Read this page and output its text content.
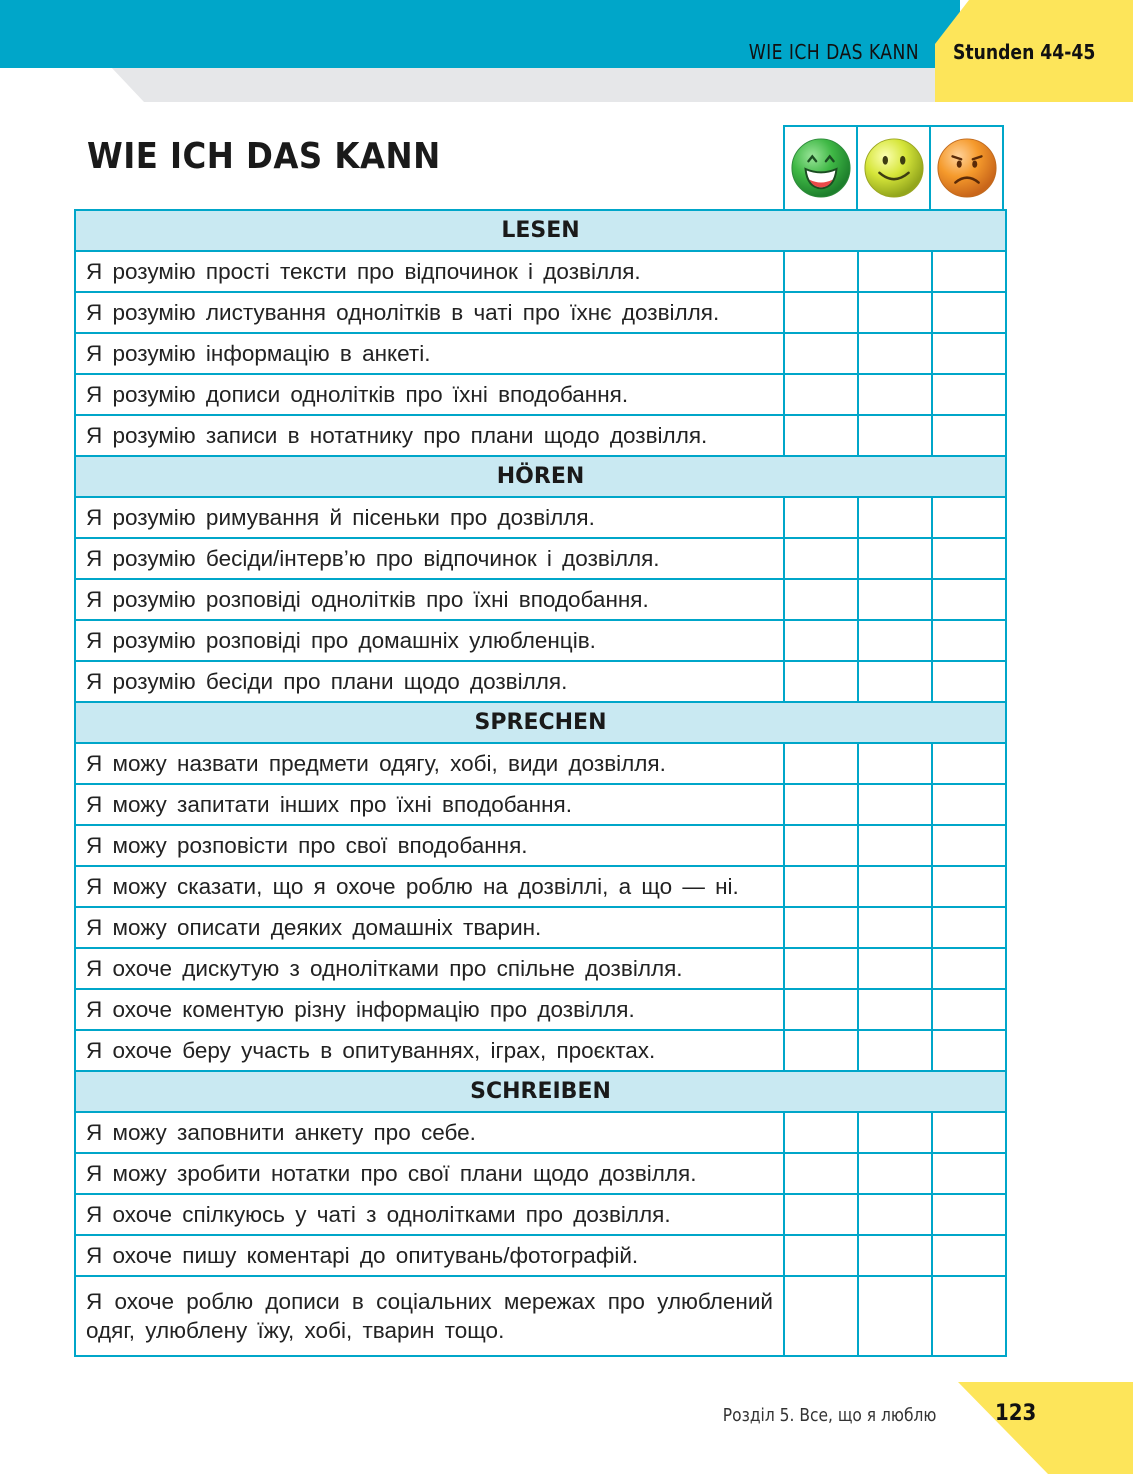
WIE ICH DAS KANN Stunden 44-45
WIE ICH DAS KANN
LESEN			
Я розумію прості тексти про відпочинок і дозвілля.			
Я розумію листування однолітків в чаті про їхнє дозвілля.			
Я розумію інформацію в анкеті.			
Я розумію дописи однолітків про їхні вподобання.			
Я розумію записи в нотатнику про плани щодо дозвілля.			
HÖREN			
Я розумію римування й пісеньки про дозвілля.			
Я розумію бесіди/інтерв’ю про відпочинок і дозвілля.			
Я розумію розповіді однолітків про їхні вподобання.			
Я розумію розповіді про домашніх улюбленців.			
Я розумію бесіди про плани щодо дозвілля.			
SPRECHEN			
Я можу назвати предмети одягу, хобі, види дозвілля.			
Я можу запитати інших про їхні вподобання.			
Я можу розповісти про свої вподобання.			
Я можу сказати, що я охоче роблю на дозвіллі, а що — ні.			
Я можу описати деяких домашніх тварин.			
Я охоче дискутую з однолітками про спільне дозвілля.			
Я охоче коментую різну інформацію про дозвілля.			
Я охоче беру участь в опитуваннях, іграх, проєктах.			
SCHREIBEN			
Я можу заповнити анкету про себе.			
Я можу зробити нотатки про свої плани щодо дозвілля.			
Я охоче спілкуюсь у чаті з однолітками про дозвілля.			
Я охоче пишу коментарі до опитувань/фотографій.			
Я охоче роблю дописи в соціальних мережах про улюблений одяг, улюблену їжу, хобі, тварин тощо.			
Розділ 5. Все, що я люблю	123
